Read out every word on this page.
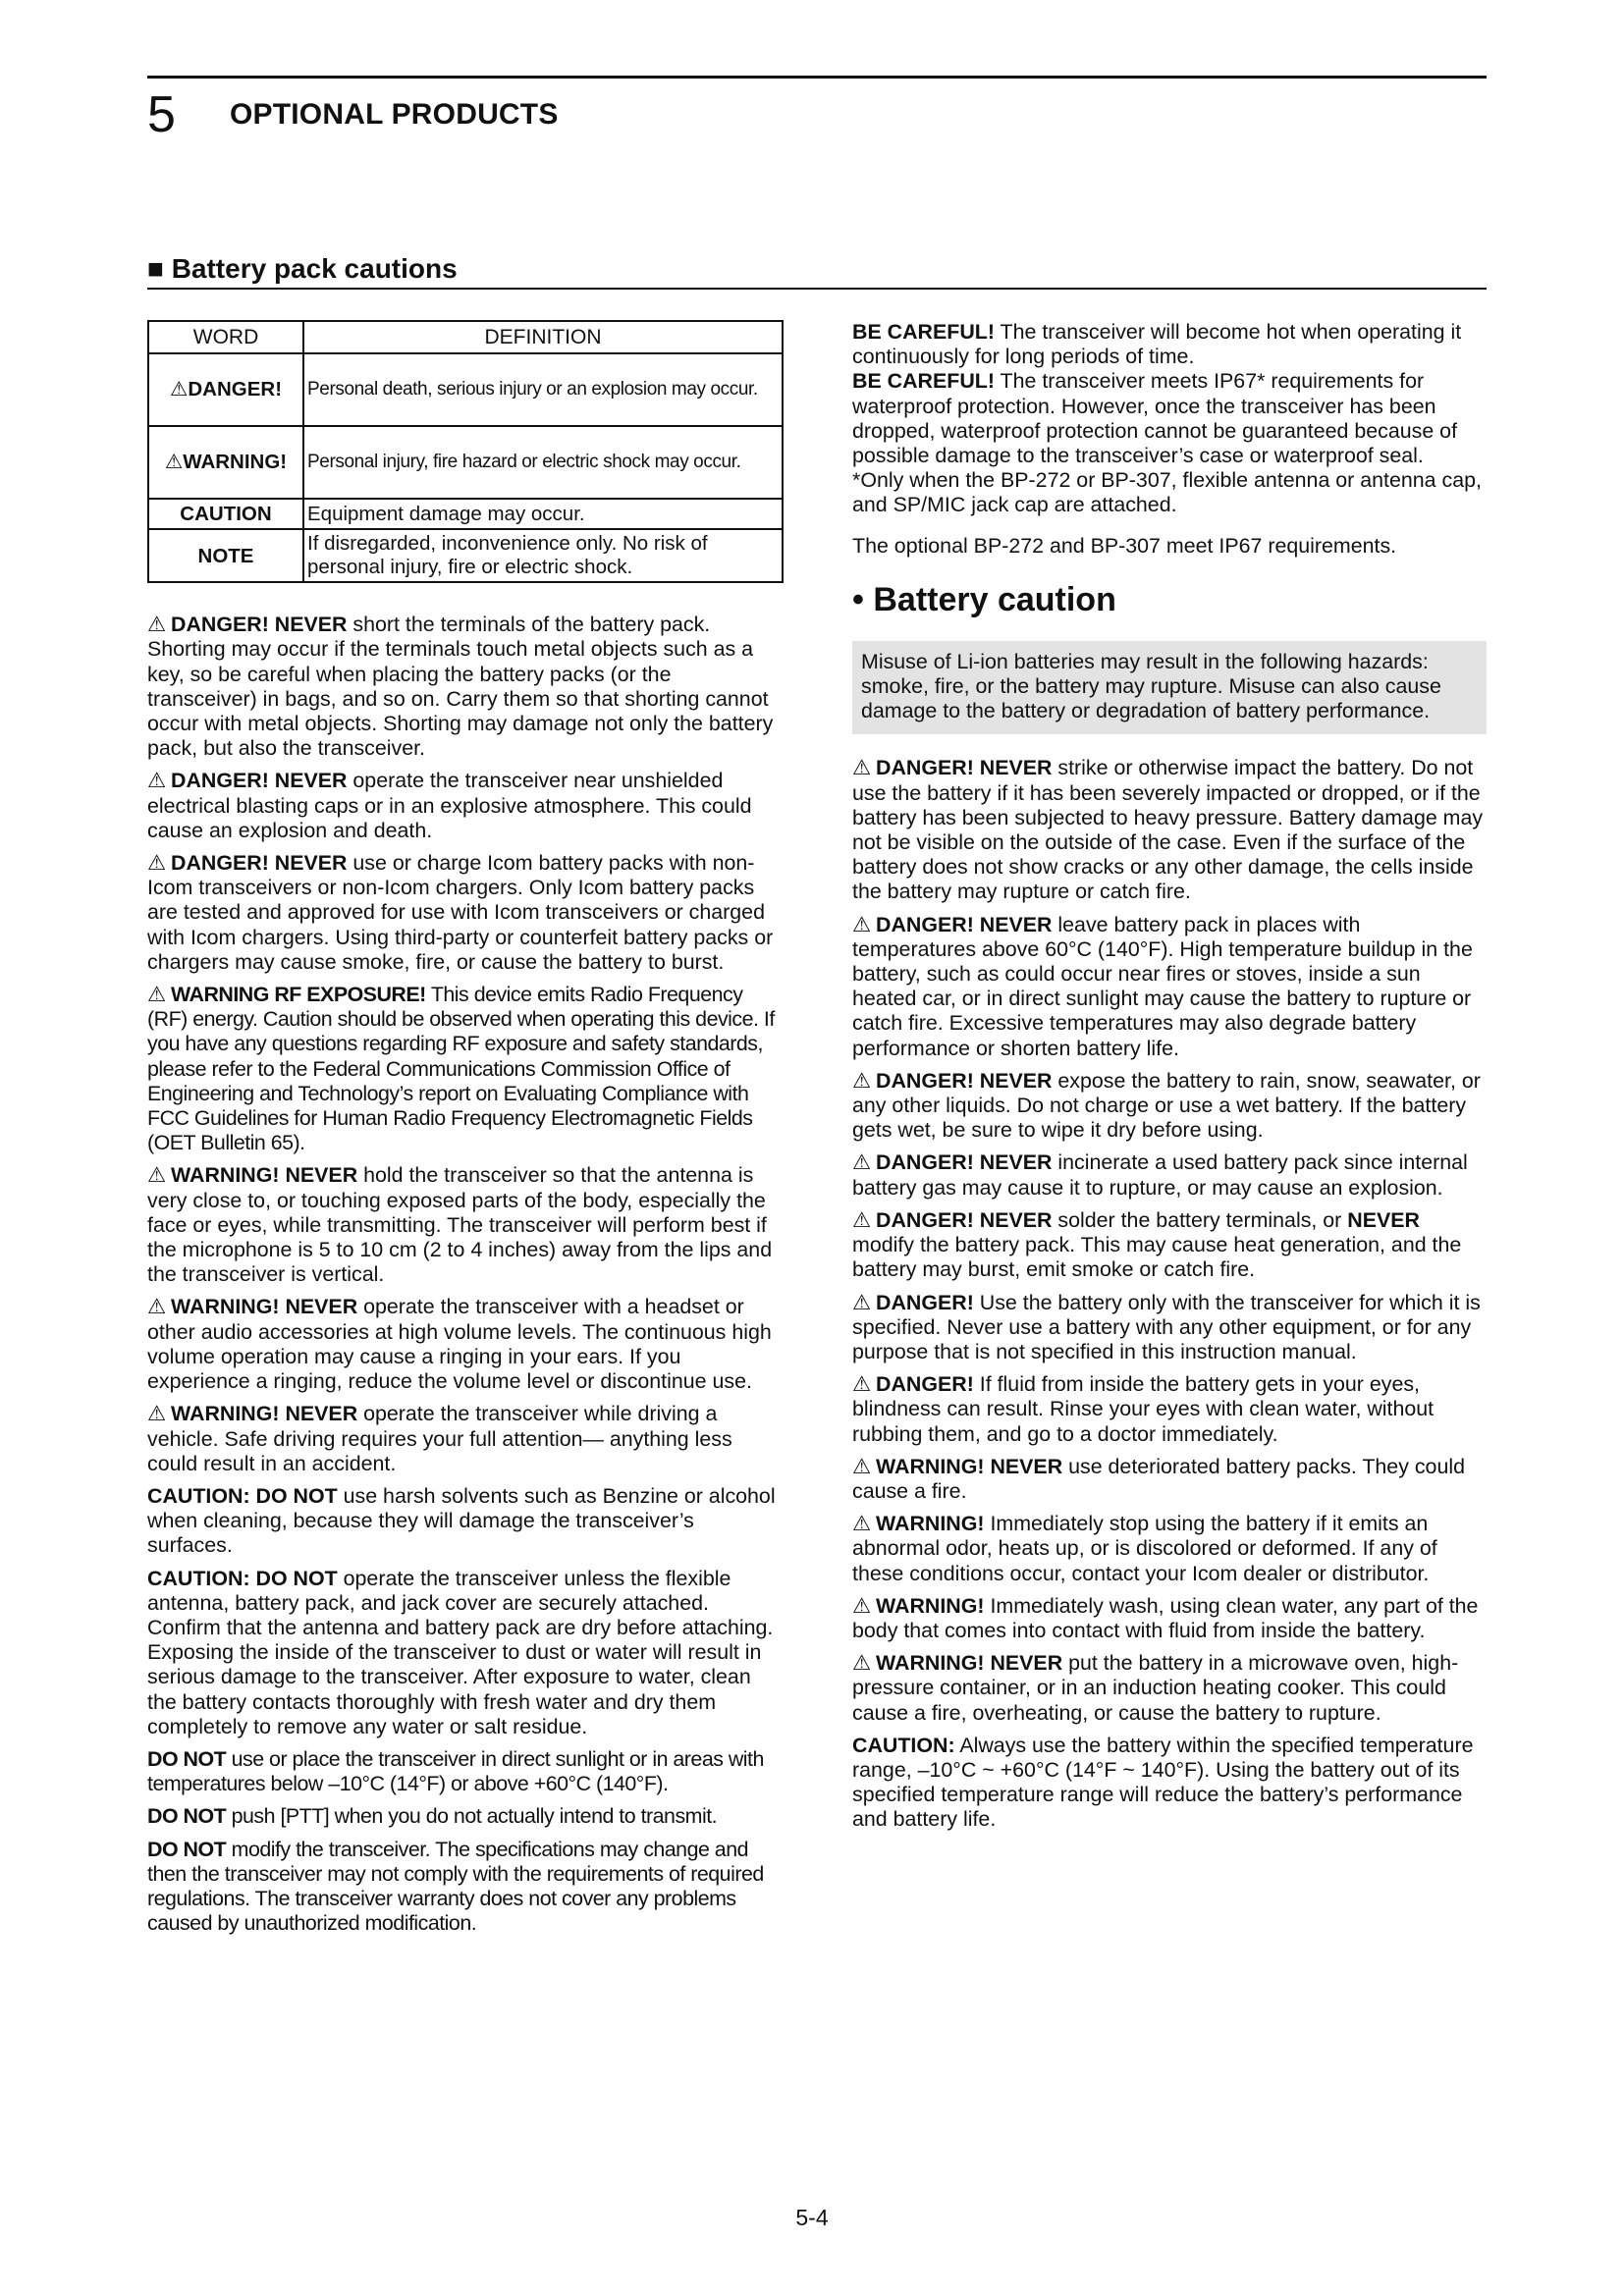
5 OPTIONAL PRODUCTS
■ Battery pack cautions
WORD	DEFINITION
⚠DANGER!	Personal death, serious injury or an explosion may occur.
⚠WARNING!	Personal injury, fire hazard or electric shock may occur.
CAUTION	Equipment damage may occur.
NOTE	If disregarded, inconvenience only. No risk of personal injury, fire or electric shock.

⚠ DANGER! NEVER short the terminals of the battery pack. Shorting may occur if the terminals touch metal objects such as a key, so be careful when placing the battery packs (or the transceiver) in bags, and so on. Carry them so that shorting cannot occur with metal objects. Shorting may damage not only the battery pack, but also the transceiver.

⚠ DANGER! NEVER operate the transceiver near unshielded electrical blasting caps or in an explosive atmosphere. This could cause an explosion and death.

⚠ DANGER! NEVER use or charge Icom battery packs with non-Icom transceivers or non-Icom chargers. Only Icom battery packs are tested and approved for use with Icom transceivers or charged with Icom chargers. Using third-party or counterfeit battery packs or chargers may cause smoke, fire, or cause the battery to burst.

⚠ WARNING RF EXPOSURE! This device emits Radio Frequency (RF) energy. Caution should be observed when operating this device. If you have any questions regarding RF exposure and safety standards, please refer to the Federal Communications Commission Office of Engineering and Technology’s report on Evaluating Compliance with FCC Guidelines for Human Radio Frequency Electromagnetic Fields (OET Bulletin 65).

⚠ WARNING! NEVER hold the transceiver so that the antenna is very close to, or touching exposed parts of the body, especially the face or eyes, while transmitting. The transceiver will perform best if the microphone is 5 to 10 cm (2 to 4 inches) away from the lips and the transceiver is vertical.

⚠ WARNING! NEVER operate the transceiver with a headset or other audio accessories at high volume levels. The continuous high volume operation may cause a ringing in your ears. If you experience a ringing, reduce the volume level or discontinue use.

⚠ WARNING! NEVER operate the transceiver while driving a vehicle. Safe driving requires your full attention— anything less could result in an accident.

CAUTION: DO NOT use harsh solvents such as Benzine or alcohol when cleaning, because they will damage the transceiver’s surfaces.

CAUTION: DO NOT operate the transceiver unless the flexible antenna, battery pack, and jack cover are securely attached. Confirm that the antenna and battery pack are dry before attaching. Exposing the inside of the transceiver to dust or water will result in serious damage to the transceiver. After exposure to water, clean the battery contacts thoroughly with fresh water and dry them completely to remove any water or salt residue.

DO NOT use or place the transceiver in direct sunlight or in areas with temperatures below –10°C (14°F) or above +60°C (140°F).

DO NOT push [PTT] when you do not actually intend to transmit.

DO NOT modify the transceiver. The specifications may change and then the transceiver may not comply with the requirements of required regulations. The transceiver warranty does not cover any problems caused by unauthorized modification.

BE CAREFUL! The transceiver will become hot when operating it continuously for long periods of time.

BE CAREFUL! The transceiver meets IP67* requirements for waterproof protection. However, once the transceiver has been dropped, waterproof protection cannot be guaranteed because of possible damage to the transceiver’s case or waterproof seal.

*Only when the BP-272 or BP-307, flexible antenna or antenna cap, and SP/MIC jack cap are attached.

The optional BP-272 and BP-307 meet IP67 requirements.

• Battery caution
Misuse of Li-ion batteries may result in the following hazards: smoke, fire, or the battery may rupture. Misuse can also cause damage to the battery or degradation of battery performance.

⚠ DANGER! NEVER strike or otherwise impact the battery. Do not use the battery if it has been severely impacted or dropped, or if the battery has been subjected to heavy pressure. Battery damage may not be visible on the outside of the case. Even if the surface of the battery does not show cracks or any other damage, the cells inside the battery may rupture or catch fire.

⚠ DANGER! NEVER leave battery pack in places with temperatures above 60°C (140°F). High temperature buildup in the battery, such as could occur near fires or stoves, inside a sun heated car, or in direct sunlight may cause the battery to rupture or catch fire. Excessive temperatures may also degrade battery performance or shorten battery life.

⚠ DANGER! NEVER expose the battery to rain, snow, seawater, or any other liquids. Do not charge or use a wet battery. If the battery gets wet, be sure to wipe it dry before using.

⚠ DANGER! NEVER incinerate a used battery pack since internal battery gas may cause it to rupture, or may cause an explosion.

⚠ DANGER! NEVER solder the battery terminals, or NEVER modify the battery pack. This may cause heat generation, and the battery may burst, emit smoke or catch fire.

⚠ DANGER! Use the battery only with the transceiver for which it is specified. Never use a battery with any other equipment, or for any purpose that is not specified in this instruction manual.

⚠ DANGER! If fluid from inside the battery gets in your eyes, blindness can result. Rinse your eyes with clean water, without rubbing them, and go to a doctor immediately.

⚠ WARNING! NEVER use deteriorated battery packs. They could cause a fire.

⚠ WARNING! Immediately stop using the battery if it emits an abnormal odor, heats up, or is discolored or deformed. If any of these conditions occur, contact your Icom dealer or distributor.

⚠ WARNING! Immediately wash, using clean water, any part of the body that comes into contact with fluid from inside the battery.

⚠ WARNING! NEVER put the battery in a microwave oven, high-pressure container, or in an induction heating cooker. This could cause a fire, overheating, or cause the battery to rupture.

CAUTION: Always use the battery within the specified temperature range, –10°C ~ +60°C (14°F ~ 140°F). Using the battery out of its specified temperature range will reduce the battery’s performance and battery life.

5-4
